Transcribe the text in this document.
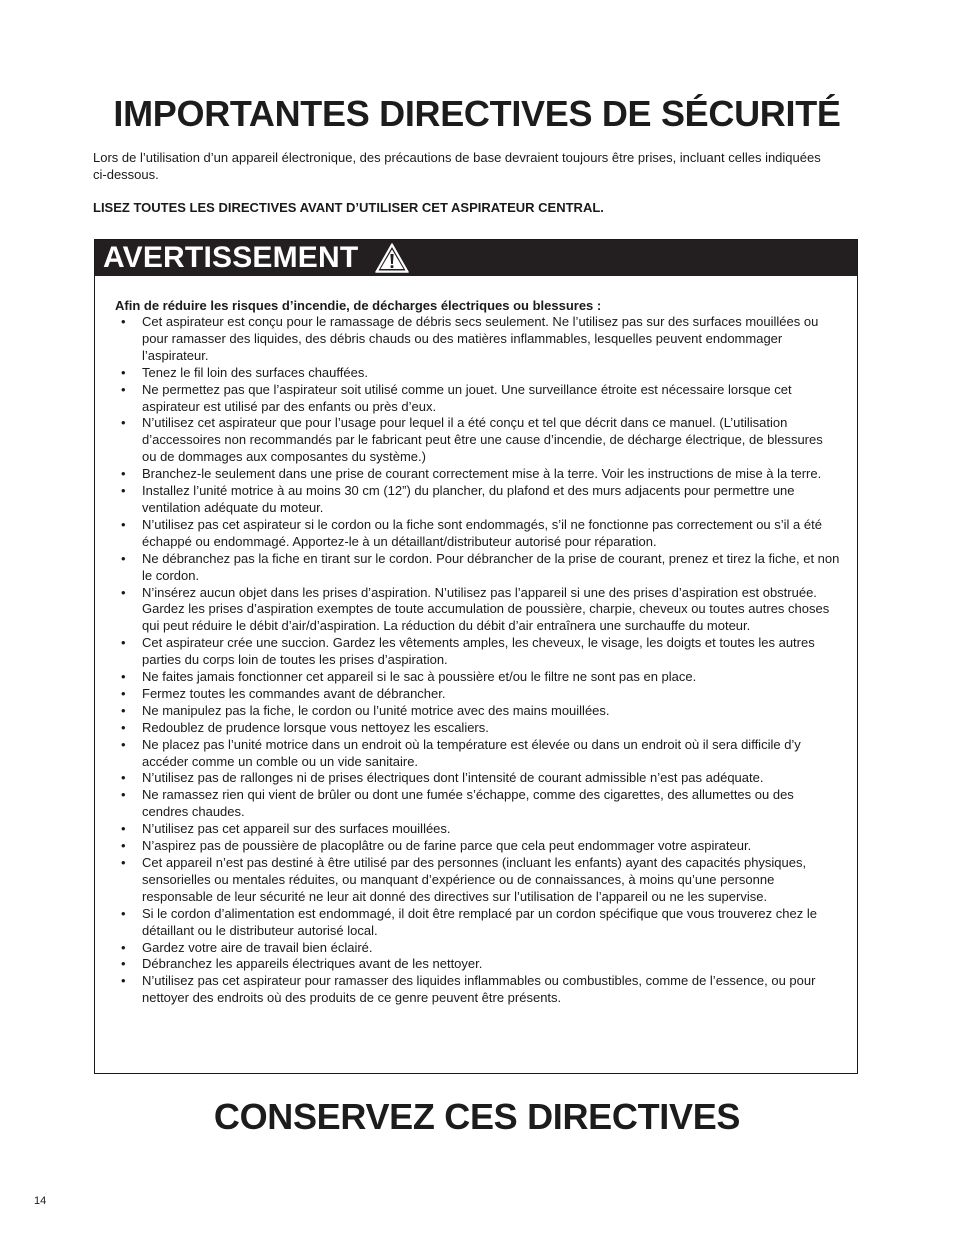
IMPORTANTES DIRECTIVES DE SÉCURITÉ

Lors de l’utilisation d’un appareil électronique, des précautions de base devraient toujours être prises, incluant celles indiquées ci-dessous.

LISEZ TOUTES LES DIRECTIVES AVANT D’UTILISER CET ASPIRATEUR CENTRAL.

AVERTISSEMENT

Afin de réduire les risques d’incendie, de décharges électriques ou blessures :

• Cet aspirateur est conçu pour le ramassage de débris secs seulement. Ne l’utilisez pas sur des surfaces mouillées ou pour ramasser des liquides, des débris chauds ou des matières inflammables, lesquelles peuvent endommager l’aspirateur.
• Tenez le fil loin des surfaces chauffées.
• Ne permettez pas que l’aspirateur soit utilisé comme un jouet. Une surveillance étroite est nécessaire lorsque cet aspirateur est utilisé par des enfants ou près d’eux.
• N’utilisez cet aspirateur que pour l’usage pour lequel il a été conçu et tel que décrit dans ce manuel. (L’utilisation d’accessoires non recommandés par le fabricant peut être une cause d’incendie, de décharge électrique, de blessures ou de dommages aux composantes du système.)
• Branchez-le seulement dans une prise de courant correctement mise à la terre. Voir les instructions de mise à la terre.
• Installez l’unité motrice à au moins 30 cm (12”) du plancher, du plafond et des murs adjacents pour permettre une ventilation adéquate du moteur.
• N’utilisez pas cet aspirateur si le cordon ou la fiche sont endommagés, s’il ne fonctionne pas correctement ou s’il a été échappé ou endommagé. Apportez-le à un détaillant/distributeur autorisé pour réparation.
• Ne débranchez pas la fiche en tirant sur le cordon. Pour débrancher de la prise de courant, prenez et tirez la fiche, et non le cordon.
• N’insérez aucun objet dans les prises d’aspiration. N’utilisez pas l’appareil si une des prises d’aspiration est obstruée. Gardez les prises d’aspiration exemptes de toute accumulation de poussière, charpie, cheveux ou toutes autres choses qui peut réduire le débit d’air/d’aspiration. La réduction du débit d’air entraînera une surchauffe du moteur.
• Cet aspirateur crée une succion. Gardez les vêtements amples, les cheveux, le visage, les doigts et toutes les autres parties du corps loin de toutes les prises d’aspiration.
• Ne faites jamais fonctionner cet appareil si le sac à poussière et/ou le filtre ne sont pas en place.
• Fermez toutes les commandes avant de débrancher.
• Ne manipulez pas la fiche, le cordon ou l’unité motrice avec des mains mouillées.
• Redoublez de prudence lorsque vous nettoyez les escaliers.
• Ne placez pas l’unité motrice dans un endroit où la température est élevée ou dans un endroit où il sera difficile d’y accéder comme un comble ou un vide sanitaire.
• N’utilisez pas de rallonges ni de prises électriques dont l’intensité de courant admissible n’est pas adéquate.
• Ne ramassez rien qui vient de brûler ou dont une fumée s’échappe, comme des cigarettes, des allumettes ou des cendres chaudes.
• N’utilisez pas cet appareil sur des surfaces mouillées.
• N’aspirez pas de poussière de placoplâtre ou de farine parce que cela peut endommager votre aspirateur.
• Cet appareil n’est pas destiné à être utilisé par des personnes (incluant les enfants) ayant des capacités physiques, sensorielles ou mentales réduites, ou manquant d’expérience ou de connaissances, à moins qu’une personne responsable de leur sécurité ne leur ait donné des directives sur l’utilisation de l’appareil ou ne les supervise.
• Si le cordon d’alimentation est endommagé, il doit être remplacé par un cordon spécifique que vous trouverez chez le détaillant ou le distributeur autorisé local.
• Gardez votre aire de travail bien éclairé.
• Débranchez les appareils électriques avant de les nettoyer.
• N’utilisez pas cet aspirateur pour ramasser des liquides inflammables ou combustibles, comme de l’essence, ou pour nettoyer des endroits où des produits de ce genre peuvent être présents.
CONSERVEZ CES DIRECTIVES
14
